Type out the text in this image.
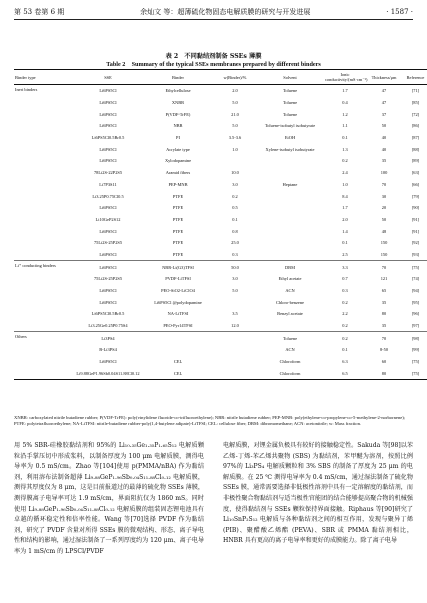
第 53 卷第 6 期	余灿文 等：超薄硫化物固态电解质膜的研究与开发进展	· 1587 ·
表 2　不同黏结剂制备 SSEs 薄膜
Table 2　Summary of the typical SSEs membranes prepared by different binders
Binder type	SSE	Binder	w(Binder)/%	Solvent	Ionic conductivity/(mS·cm⁻¹)	Thickness/μm	Reference
Inert binders	Li6PS5Cl	Ethylcellulose	2.0	Toluene	1.7	47	[71]
	Li6PS5Cl	XNBR	5.0	Toluene	0.4	47	[85]
	Li6PS5Cl	P(VDF-TrFE)	21.0	Toluene	1.2	37	[72]
	Li6PS5Cl	NBR	5.0	Toluene-isobutyl isobutyrate	1.1	50	[86]
	Li6PS5Cl0.5Br0.5	PI	3.5-3.6	EtOH	0.1	40	[87]
	Li6PS5Cl	Acrylate type	1.0	Xylene-isobutyl isobutyrate	1.3	40	[88]
	Li6PS5Cl	Xylodopamine			0.2	35	[89]
	78Li2S-22P2S5	Aramid fibers	10.0		2.4	100	[63]
	Li7P3S11	PEP-MNB	3.0	Heptane	1.0	70	[66]
	Li3.25P0.75Cl0.5	PTFE	0.2		8.4	30	[79]
	Li6PS5Cl	PTFE	0.5		1.7	20	[90]
	Li10GeP2S12	PTFE	0.1		2.0	50	[91]
	Li6PS5Cl	PTFE	0.8		1.4	48	[91]
	75Li2S-25P2S5	PTFE	25.0		0.1	150	[92]
	Li6PS5Cl	PTFE	0.3		2.5	150	[93]
Li⁺ conducting binders	Li6PS5Cl	NBR-Li(G3)TFSI	50.0	DBM	3.3	70	[75]
	75Li2S-25P2S5	PVDF-LiTFSI	3.0	Ethyl acetate	0.7	121	[74]
	Li6PS5Cl	PEO-SiO2-LiClO4	5.0	ACN	0.3	65	[94]
	Li6PS5Cl	Li6PS5Cl @polydopamine		Chloro-benzene	0.2	35	[95]
	Li6PS5Cl0.5Br0.5	NA-LiTFSI	3.5	Benzyl acetate	2.2	80	[96]
	Li3.25Ge0.25P0.75S4	PEO-Pyr14TFSI	12.0		0.2	35	[97]
Others	Li3PS4			Toluene	0.2	70	[98]
	B-Li3PS4			ACN	0.1	8-50	[99]
	Li6PS5Cl	CEL		Chloroform	6.3	60	[75]
	Li9.88GeP1.96Sb0.04S11.88Cl0.12	CEL		Chloroform	6.5	80	[75]

XNBR: carboxylated nitrile butadiene rubber; P(VDF-TrFE): poly(vinylidene fluoride-co-trifluoroethylene); NBR: nitrile butadiene rubber; PEP-MNB: poly(ethylene-co-propylene-co-5-methylene-2-norbornene); PTFE: polytetrafluoroethylene; NA-LiTFSI: nitrile-butadiene rubber-poly(1,4-butylene adipate)-LiTFSI; CEL: cellulose fiber; DBM: dibromomethane; ACN: acetonitrile; w: Mass fraction.

用 5% SBR-硅橡胶黏结剂和 95%的 Li₁₀.₃₅Ge₁.₃₅P₁.₆₅S₁₂ 电解质颗粒沿手掌压切中形成浆料，以制备厚度为 100 μm 电解质膜，测得电导率为 0.5 mS/cm。Zhao 等[104]使用 p(PMMA/nBA) 作为黏结剂，利用溶布法制备超薄 Li₉.₈₈GeP₁.₉₆Sb₀.₀₄S₁₁.₈₈Cl₀.₁₂ 电解质膜，测得其厚度仅为 8 μm，这是目前报道过的最薄的硫化物 SSEs 薄膜，测得膜离子电导率可达 1.9 mS/cm，界面阻抗仅为 1860 mS。同时使用 Li₉.₈₈GeP₁.₉₆Sb₀.₀₄S₁₁.₈₈Cl₀.₁₂ 电解质膜的组装固态锂电池具有卓越的循环稳定性和倍率性能。Wang 等[70]选择 PVDF 作为黏结剂，研究了 PVDF 含量对所得 SSEs 膜的微观结构、形态、离子导电性和结构的影响，通过湿法制备了一系列厚度约为 120 μm、离子电导率为 1 mS/cm 的 LPSCl/PVDF

电解质膜，对锂金属负极具有较好的接触稳定性。Sakuda 等[98]以苯乙烯-丁烯-苯乙烯共聚物 (SBS) 为黏结剂，苯甲醚为溶剂，按照比例 97%的 Li₃PS₄ 电解质颗粒和 3% SBS 的制备了厚度为 25 μm 的电解质膜。在 25 ℃ 测得电导率为 0.4 mS/cm，通过湿法制备了硫化物 SSEs 膜，通常需要选择非低极性溶剂中具有一定溶解度的黏结剂，而非极性聚合物黏结剂与适当极性官能团的结合能够提高聚合物的机械强度，使得黏结剂与 SSEs 颗粒保持界面接触。Riphaus 等[90]研究了 Li₁₀SnP₂S₁₂ 电解质与各种黏结剂之间的相互作用，发现与聚异丁烯 (PIB)、聚醋酸乙烯酯 (PEVA)、SBR 或 PMMA 黏结剂相比，HNBR 具有更高的离子电导率和更好的成膜能力。除了离子电导
